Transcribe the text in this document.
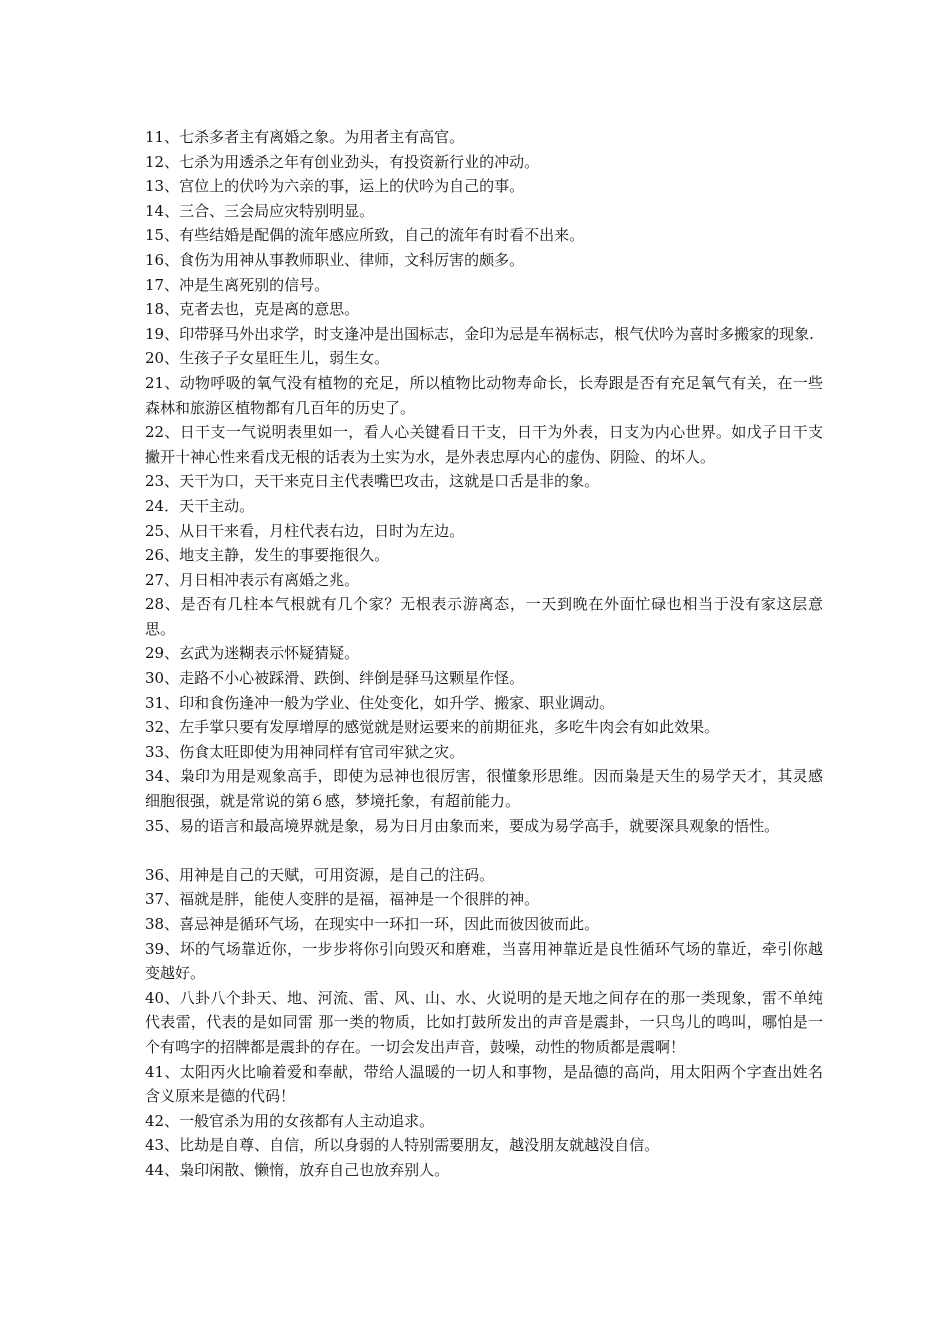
11、七杀多者主有离婚之象。为用者主有高官。

12、七杀为用透杀之年有创业劲头，有投资新行业的冲动。

13、宫位上的伏吟为六亲的事，运上的伏吟为自己的事。

14、三合、三会局应灾特别明显。

15、有些结婚是配偶的流年感应所致，自己的流年有时看不出来。

16、食伤为用神从事教师职业、律师，文科厉害的颇多。

17、冲是生离死别的信号。

18、克者去也，克是离的意思。

19、印带驿马外出求学，时支逢冲是出国标志，金印为忌是车祸标志，根气伏吟为喜时多搬家的现象.

20、生孩子子女星旺生儿，弱生女。

21、动物呼吸的氧气没有植物的充足，所以植物比动物寿命长，长寿跟是否有充足氧气有关，在一些森林和旅游区植物都有几百年的历史了。

22、日干支一气说明表里如一，看人心关键看日干支，日干为外表，日支为内心世界。如戊子日干支撇开十神心性来看戊无根的话表为土实为水，是外表忠厚内心的虚伪、阴险、的坏人。

23、天干为口，天干来克日主代表嘴巴攻击，这就是口舌是非的象。

24．天干主动。

25、从日干来看，月柱代表右边，日时为左边。

26、地支主静，发生的事要拖很久。

27、月日相冲表示有离婚之兆。

28、是否有几柱本气根就有几个家？无根表示游离态，一天到晚在外面忙碌也相当于没有家这层意思。

29、玄武为迷糊表示怀疑猜疑。

30、走路不小心被踩滑、跌倒、绊倒是驿马这颗星作怪。

31、印和食伤逢冲一般为学业、住处变化，如升学、搬家、职业调动。

32、左手掌只要有发厚增厚的感觉就是财运要来的前期征兆，多吃牛肉会有如此效果。

33、伤食太旺即使为用神同样有官司牢狱之灾。

34、枭印为用是观象高手，即使为忌神也很厉害，很懂象形思维。因而枭是天生的易学天才，其灵感细胞很强，就是常说的第６感，梦境托象，有超前能力。

35、易的语言和最高境界就是象，易为日月由象而来，要成为易学高手，就要深具观象的悟性。

36、用神是自己的天赋，可用资源，是自己的注码。

37、福就是胖，能使人变胖的是福，福神是一个很胖的神。

38、喜忌神是循环气场，在现实中一环扣一环，因此而彼因彼而此。

39、坏的气场靠近你，一步步将你引向毁灭和磨难，当喜用神靠近是良性循环气场的靠近，牵引你越变越好。

40、八卦八个卦天、地、河流、雷、风、山、水、火说明的是天地之间存在的那一类现象，雷不单纯代表雷，代表的是如同雷 那一类的物质，比如打鼓所发出的声音是震卦，一只鸟儿的鸣叫，哪怕是一个有鸣字的招牌都是震卦的存在。一切会发出声音，鼓噪，动性的物质都是震啊！

41、太阳丙火比喻着爱和奉献，带给人温暖的一切人和事物，是品德的高尚，用太阳两个字查出姓名含义原来是德的代码！

42、一般官杀为用的女孩都有人主动追求。

43、比劫是自尊、自信，所以身弱的人特别需要朋友，越没朋友就越没自信。

44、枭印闲散、懒惰，放弃自己也放弃别人。
